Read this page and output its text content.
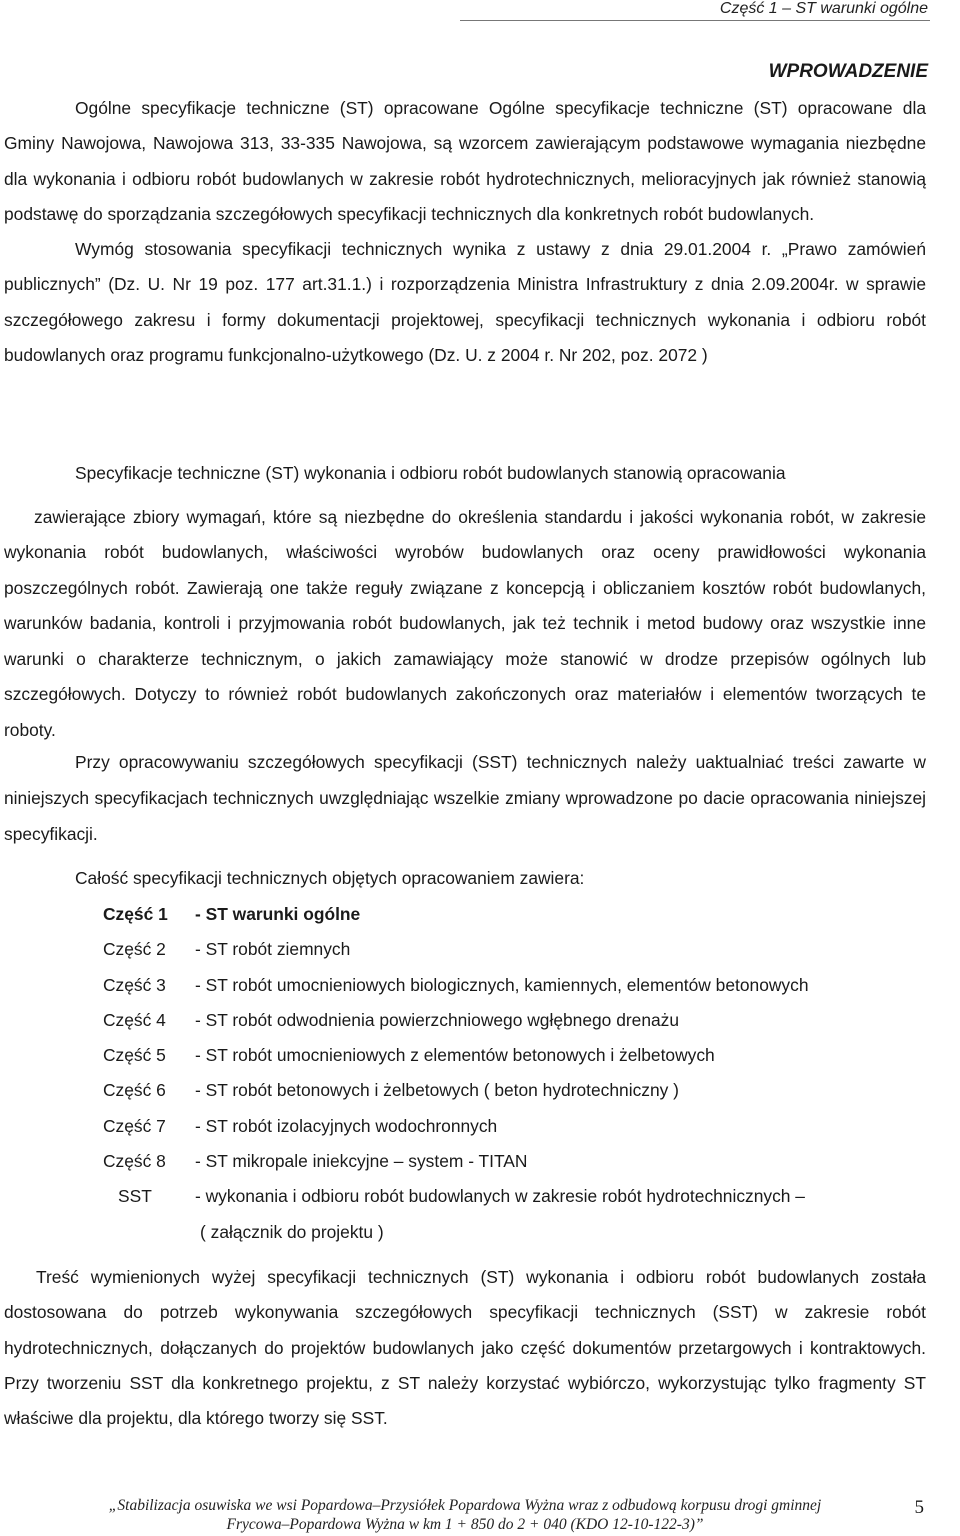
Część 1 – ST warunki ogólne
WPROWADZENIE

Ogólne specyfikacje techniczne (ST) opracowane Ogólne specyfikacje techniczne (ST) opracowane dla Gminy Nawojowa, Nawojowa 313, 33-335 Nawojowa, są wzorcem zawierającym podstawowe wymagania niezbędne dla wykonania i odbioru robót budowlanych w zakresie robót hydrotechnicznych, melioracyjnych jak również stanowią podstawę do sporządzania szczegółowych specyfikacji technicznych dla konkretnych robót budowlanych.

Wymóg stosowania specyfikacji technicznych wynika z ustawy z dnia 29.01.2004 r. „Prawo zamówień publicznych” (Dz. U. Nr 19 poz. 177 art.31.1.) i rozporządzenia Ministra Infrastruktury z dnia 2.09.2004r. w sprawie szczegółowego zakresu i formy dokumentacji projektowej, specyfikacji technicznych wykonania i odbioru robót budowlanych oraz programu funkcjonalno-użytkowego (Dz. U. z 2004 r. Nr 202, poz. 2072 )

Specyfikacje techniczne (ST) wykonania i odbioru robót budowlanych stanowią opracowania

zawierające zbiory wymagań, które są niezbędne do określenia standardu i jakości wykonania robót, w zakresie wykonania robót budowlanych, właściwości wyrobów budowlanych oraz oceny prawidłowości wykonania poszczególnych robót. Zawierają one także reguły związane z koncepcją i obliczaniem kosztów robót budowlanych, warunków badania, kontroli i przyjmowania robót budowlanych, jak też technik i metod budowy oraz wszystkie inne warunki o charakterze technicznym, o jakich zamawiający może stanowić w drodze przepisów ogólnych lub szczegółowych. Dotyczy to również robót budowlanych zakończonych oraz materiałów i elementów tworzących te roboty.

Przy opracowywaniu szczegółowych specyfikacji (SST) technicznych należy uaktualniać treści zawarte w niniejszych specyfikacjach technicznych uwzględniając wszelkie zmiany wprowadzone po dacie opracowania niniejszej specyfikacji.

Całość specyfikacji technicznych objętych opracowaniem zawiera:
Część 1 - ST warunki ogólne
Część 2 - ST robót ziemnych
Część 3 - ST robót umocnieniowych biologicznych, kamiennych, elementów betonowych
Część 4 - ST robót odwodnienia powierzchniowego wgłębnego drenażu
Część 5 - ST robót umocnieniowych z elementów betonowych i żelbetowych
Część 6 - ST robót betonowych i żelbetowych ( beton hydrotechniczny )
Część 7 - ST robót izolacyjnych wodochronnych
Część 8 - ST mikropale iniekcyjne – system - TITAN
SST - wykonania i odbioru robót budowlanych w zakresie robót hydrotechnicznych –
( załącznik do projektu )

Treść wymienionych wyżej specyfikacji technicznych (ST) wykonania i odbioru robót budowlanych została dostosowana do potrzeb wykonywania szczegółowych specyfikacji technicznych (SST) w zakresie robót hydrotechnicznych, dołączanych do projektów budowlanych jako część dokumentów przetargowych i kontraktowych. Przy tworzeniu SST dla konkretnego projektu, z ST należy korzystać wybiórczo, wykorzystując tylko fragmenty ST właściwe dla projektu, dla którego tworzy się SST.

„Stabilizacja osuwiska we wsi Popardowa–Przysiółek Popardowa Wyżna wraz z odbudową korpusu drogi gminnej
Frycowa–Popardowa Wyżna w km 1 + 850 do 2 + 040 (KDO 12-10-122-3)”
5
